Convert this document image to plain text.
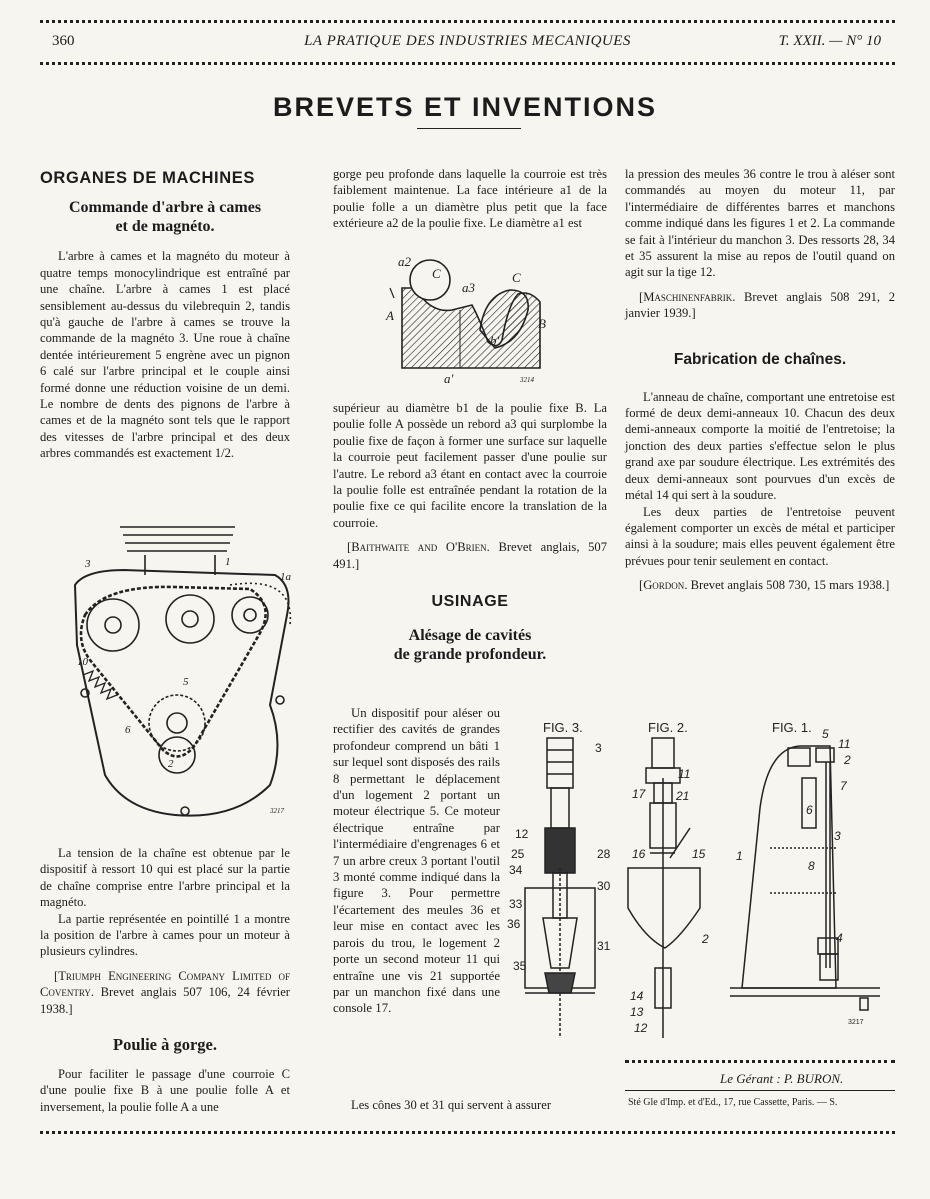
360	LA PRATIQUE DES INDUSTRIES MECANIQUES	T. XXII. — N° 10
BREVETS ET INVENTIONS
ORGANES DE MACHINES
Commande d'arbre à cames
et de magnéto.

L'arbre à cames et la magnéto du moteur à quatre temps monocylindrique est entraîné par une chaîne. L'arbre à cames 1 est placé sensiblement au-dessus du vilebrequin 2, tandis qu'à gauche de l'arbre à cames se trouve la commande de la magnéto 3. Une roue à chaîne dentée intérieurement 5 engrène avec un pignon 6 calé sur l'arbre principal et le couple ainsi formé donne une réduction voisine de un demi. Le nombre de dents des pignons de l'arbre à cames et de la magnéto sont tels que le rapport des vitesses de l'arbre principal et des deux arbres commandés est exactement 1/2.

1
1a
2
3
5
6
10
3217

La tension de la chaîne est obtenue par le dispositif à ressort 10 qui est placé sur la partie de chaîne comprise entre l'arbre principal et la magnéto.

La partie représentée en pointillé 1 a montre la position de l'arbre à cames pour un moteur à plusieurs cylindres.

[Triumph Engineering Company Limited of Coventry. Brevet anglais 507 106, 24 février 1938.]

Poulie à gorge.

Pour faciliter le passage d'une courroie C d'une poulie fixe B à une poulie folle A et inversement, la poulie folle A a une

gorge peu profonde dans laquelle la courroie est très faiblement maintenue. La face intérieure a1 de la poulie folle a un diamètre plus petit que la face extérieure a2 de la poulie fixe. Le diamètre a1 est

a2
C
a3
C
A
B
b'
a'	3214

supérieur au diamètre b1 de la poulie fixe B. La poulie folle A possède un rebord a3 qui surplombe la poulie fixe de façon à former une surface sur laquelle la courroie peut facilement passer d'une poulie sur l'autre. Le rebord a3 étant en contact avec la courroie la poulie folle est entraînée pendant la rotation de la poulie fixe ce qui facilite encore la translation de la courroie.

[Baithwaite and O'Brien. Brevet anglais, 507 491.]

USINAGE
Alésage de cavités
de grande profondeur.

Un dispositif pour aléser ou rectifier des cavités de grandes profondeur comprend un bâti 1 sur lequel sont disposés des rails 8 permettant le déplacement d'un logement 2 portant un moteur électrique 5. Ce moteur électrique entraîne par l'intermédiaire d'engrenages 6 et 7 un arbre creux 3 portant l'outil 3 monté comme indiqué dans la figure 3. Pour permettre l'écartement des meules 36 et leur mise en contact avec les parois du trou, le logement 2 porte un second moteur 11 qui entraîne une vis 21 supportée par un manchon fixé dans une console 17.

Les cônes 30 et 31 qui servent à assurer

FIG. 3.
3
12
25	28
34
30
33
36
31
35
FIG. 2.
11
17	21
16	15
2
14
13
12
FIG. 1. 5
11
2
7
6
3
8
1
4
3217

la pression des meules 36 contre le trou à aléser sont commandés au moyen du moteur 11, par l'intermédiaire de différentes barres et manchons comme indiqué dans les figures 1 et 2. La commande se fait à l'intérieur du manchon 3. Des ressorts 28, 34 et 35 assurent la mise au repos de l'outil quand on agit sur la tige 12.

[Maschinenfabrik. Brevet anglais 508 291, 2 janvier 1939.]

Fabrication de chaînes.

L'anneau de chaîne, comportant une entretoise est formé de deux demi-anneaux 10. Chacun des deux demi-anneaux comporte la moitié de l'entretoise; la jonction des deux parties s'effectue selon le plus grand axe par soudure électrique. Les extrémités des deux demi-anneaux sont pourvues d'un excès de métal 14 qui sert à la soudure.

Les deux parties de l'entretoise peuvent également comporter un excès de métal et participer ainsi à la soudure; mais elles peuvent également être prévues pour tenir seulement en contact.

[Gordon. Brevet anglais 508 730, 15 mars 1938.]

Le Gérant : P. BURON.
Sté Gle d'Imp. et d'Ed., 17, rue Cassette, Paris. — S.
